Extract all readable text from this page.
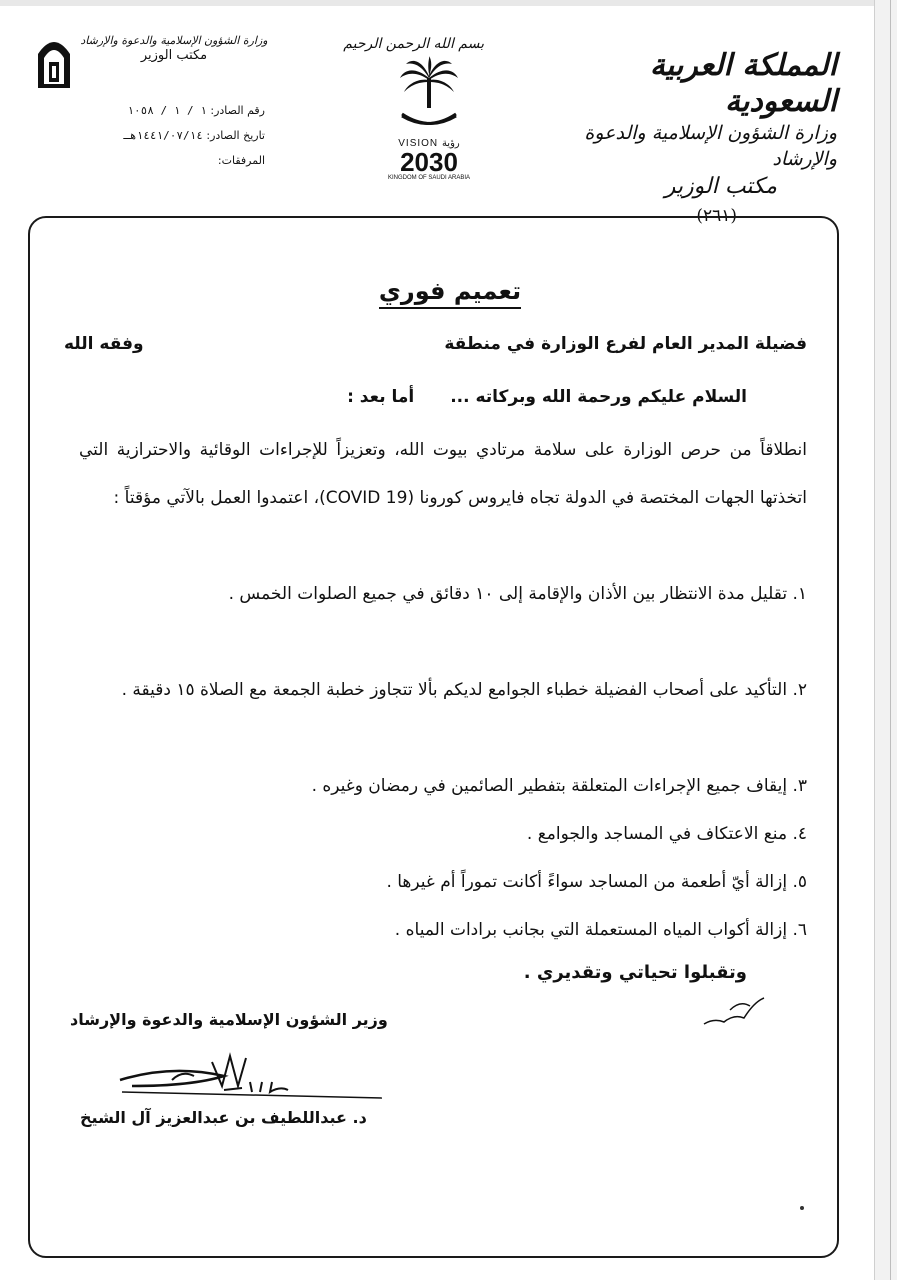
المملكة العربية السعودية
وزارة الشؤون الإسلامية والدعوة والإرشاد
مكتب الوزير
(٢٦١)
بسم الله الرحمن الرحيم
VISION رؤية
2030
KINGDOM OF SAUDI ARABIA
وزارة الشؤون الإسلامية والدعوة والإرشاد
مكتب الوزير
رقم الصادر: ١ / ١ / ١٠٥٨
تاريخ الصادر: ١٤٤١/٠٧/١٤هـ
المرفقات:
تعميم فوري
فضيلة المدير العام لفرع الوزارة في منطقة
وفقه الله
السلام عليكم ورحمة الله وبركاته ... أما بعد :
انطلاقاً من حرص الوزارة على سلامة مرتادي بيوت الله، وتعزيزاً للإجراءات الوقائية والاحترازية التي اتخذتها الجهات المختصة في الدولة تجاه فايروس كورونا (COVID 19)، اعتمدوا العمل بالآتي مؤقتاً :
١. تقليل مدة الانتظار بين الأذان والإقامة إلى ١٠ دقائق في جميع الصلوات الخمس .
٢. التأكيد على أصحاب الفضيلة خطباء الجوامع لديكم بألا تتجاوز خطبة الجمعة مع الصلاة ١٥ دقيقة .
٣. إيقاف جميع الإجراءات المتعلقة بتفطير الصائمين في رمضان وغيره .
٤. منع الاعتكاف في المساجد والجوامع .
٥. إزالة أيّ أطعمة من المساجد سواءً أكانت تموراً أم غيرها .
٦. إزالة أكواب المياه المستعملة التي بجانب برادات المياه .
وتقبلوا تحياتي وتقديري .
وزير الشؤون الإسلامية والدعوة والإرشاد
د. عبداللطيف بن عبدالعزيز آل الشيخ
